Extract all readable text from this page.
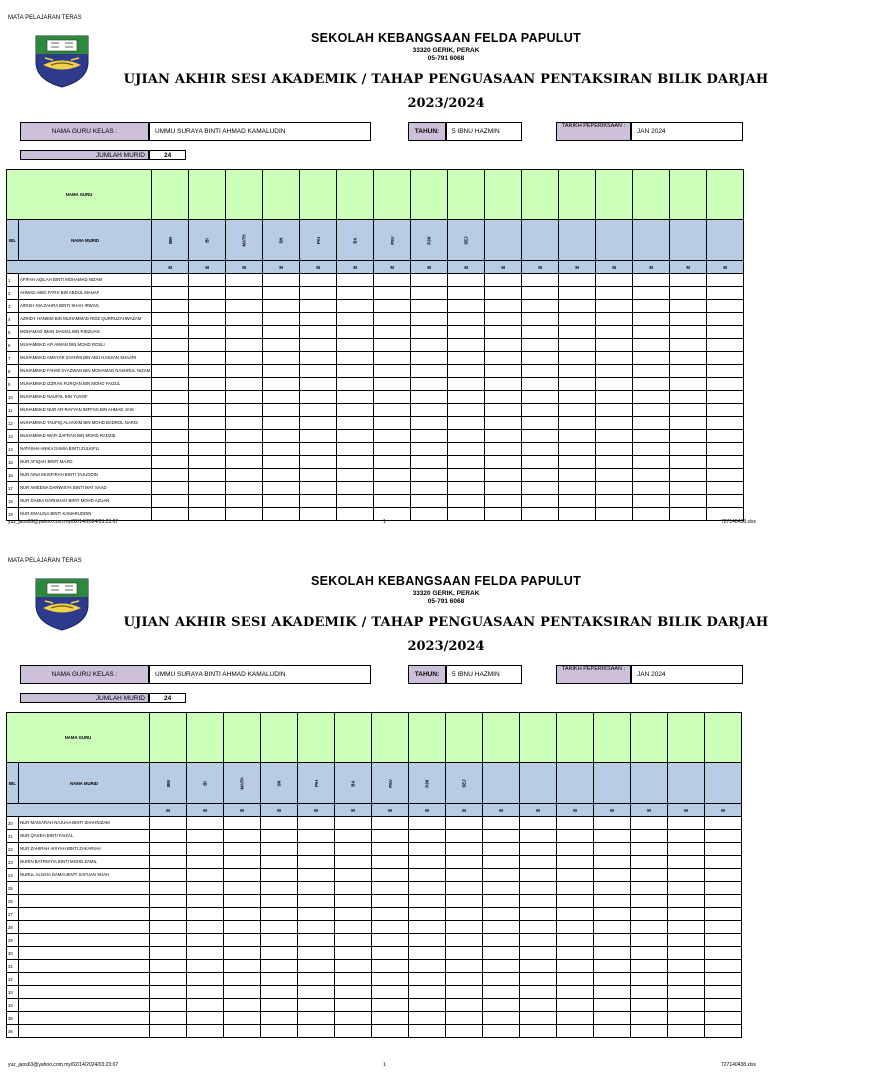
MATA PELAJARAN TERAS
SEKOLAH KEBANGSAAN FELDA PAPULUT
33320 GERIK, PERAK
05-791 6068
UJIAN AKHIR SESI AKADEMIK / TAHAP PENGUASAAN PENTAKSIRAN BILIK DARJAH
2023/2024
NAMA GURU KELAS :	UMMU SURAYA BINTI AHMAD KAMALUDIN	TAHUN:	5 IBNU HAZMIN
TARIKH PEPERIKSAAN :
JAN 2024
JUMLAH MURID	24
NAMA GURU																	
BIL	NAMA MURID	BM	BI	MATH	SN	PAI	BA	PSV	PJK	SEJ							
		M	M	M	M	M	M	M	M	M	M	M	M	M	M	M	M
1	AFIFAH AQILAH BINTI MOHAMAD NIZAM																
2	AHMAD ABID FATHI BIN ABDUL MANAF																
3	AIRISH NIA ZAHRA BINTI SHAH IRWAN																
4	AZRIDY HANIEM BIN MUHAMMAD RIDZ QURRUZAHWAZAM																
5	MOHAMAD IMAN DANIAL BIN RIDZUAN																
6	MUHAMMAD AFI AIMAN BIN MOHD ROSLI																
7	MUHAMMAD AMSYAR SYAHMI BIN ABU HASSAN SHAARI																
8	MUHAMMAD FAHMI SYAZWAN BIN MOHAMAD NASHRUL NIZAM																
9	MUHAMMAD IZZRAN FURQAN BIN MOHD FAIZUL																
10	MUHAMMAD NAUFAL BIN YUSOF																
11	MUHAMMAD NUR AR-RAYYAN IMFFAN BIN AHMAD JAIS																
12	MUHAMMAD TAUFIQ ALHAKIM BIN MOHD BADROL NARIS																
13	MUHAMMAD WAFI ZAFRAN BIN MOHD RADZIE																
14	NATASHA ANIKA DAMIA BINTI ZULKIFLI																
15	NUR AFIQAH BINTI MAJID																
16	NUR AINA MUSFIRAH BINTI TAJUDDIN																
17	NUR AMEENA DARWISYA BINTI MAT SAAD																
18	NUR DAMIA DARISHAH BINTI MOHD AZUAN																
19	NUR EMALINA BINTI KAMARUDDIN																
yuz_jans63@yahoo.com.my/02/14/2024/03:23:07	1	727140438.xlsx
MATA PELAJARAN TERAS
SEKOLAH KEBANGSAAN FELDA PAPULUT
33320 GERIK, PERAK
05-791 6068
UJIAN AKHIR SESI AKADEMIK / TAHAP PENGUASAAN PENTAKSIRAN BILIK DARJAH
2023/2024
NAMA GURU KELAS :	UMMU SURAYA BINTI AHMAD KAMALUDIN	TAHUN:	5 IBNU HAZMIN
TARIKH PEPERIKSAAN :
JAN 2024
JUMLAH MURID	24
NAMA GURU																	
BIL	NAMA MURID	BM	BI	MATH	SN	PAI	BA	PSV	PJK	SEJ							
		M	M	M	M	M	M	M	M	M	M	M	M	M	M	M	M
20	NUR MAISARAH NAJUHA BINTI SHAHNIZAM																
21	NUR QASEH BINTI FAIZAL																
22	NUR ZAHIRAH AISYAH BINTI ZAKARIAH																
23	NURIN BATRISYIA BINTI MOHD ZAMIL																
24	NURUL ALISHA DAMIA BINTI SAFUAN SHAH																
25																	
26																	
27																	
28																	
29																	
30																	
31																	
32																	
33																	
34																	
35																	
36																	
yuz_jans63@yahoo.com.my/02/14/2024/03:23:07	1	727140438.xlsx
